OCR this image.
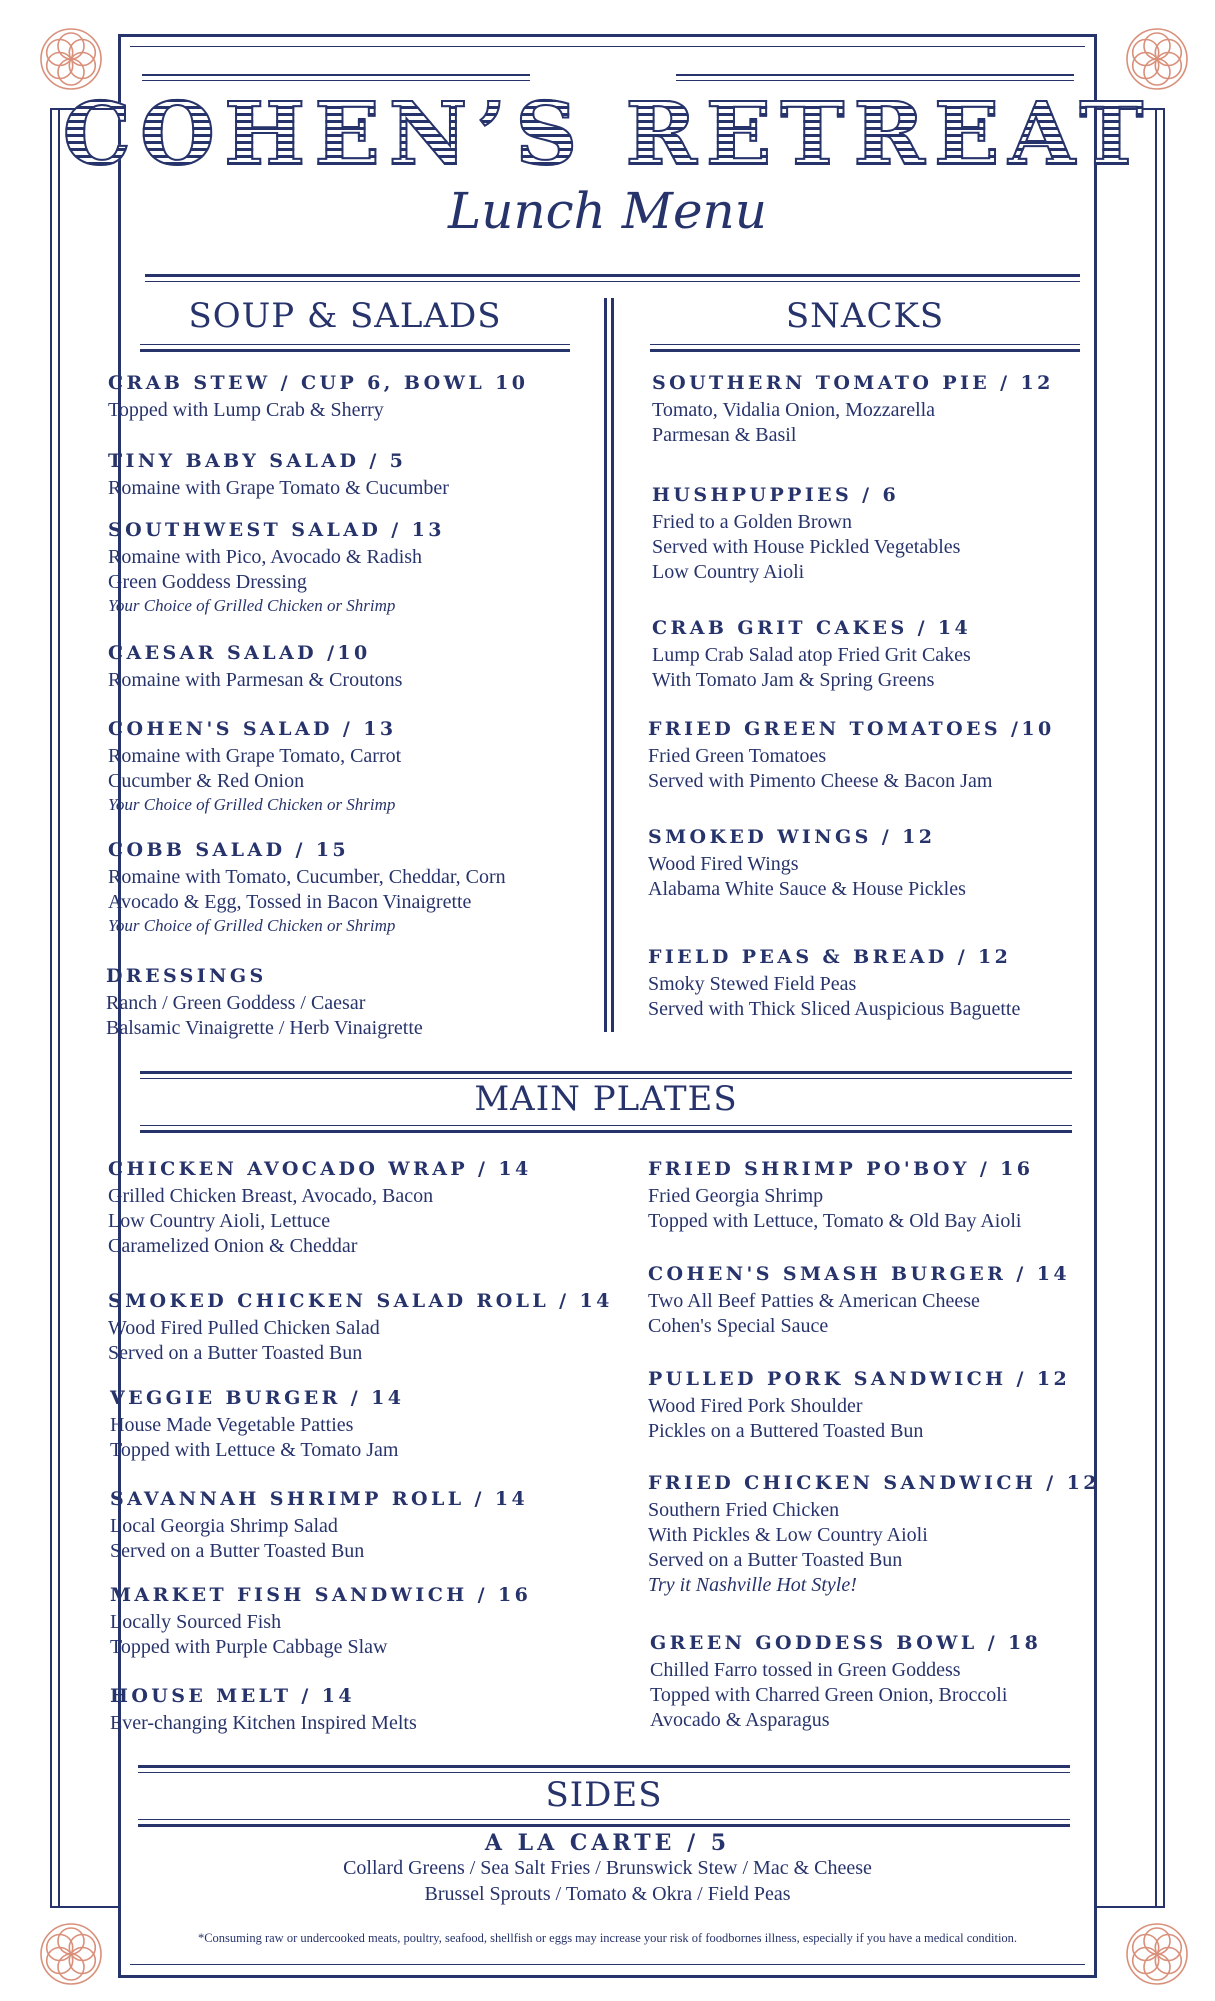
COHEN’S RETREAT
Lunch Menu
SOUP & SALADS
CRAB STEW / CUP 6, BOWL 10
Topped with Lump Crab & Sherry
TINY BABY SALAD / 5
Romaine with Grape Tomato & Cucumber
SOUTHWEST SALAD / 13
Romaine with Pico, Avocado & Radish
Green Goddess Dressing
Your Choice of Grilled Chicken or Shrimp
CAESAR SALAD /10
Romaine with Parmesan & Croutons
COHEN'S SALAD / 13
Romaine with Grape Tomato, Carrot
Cucumber & Red Onion
Your Choice of Grilled Chicken or Shrimp
COBB SALAD / 15
Romaine with Tomato, Cucumber, Cheddar, Corn
Avocado & Egg, Tossed in Bacon Vinaigrette
Your Choice of Grilled Chicken or Shrimp
DRESSINGS
Ranch / Green Goddess / Caesar
Balsamic Vinaigrette / Herb Vinaigrette
SNACKS
SOUTHERN TOMATO PIE / 12
Tomato, Vidalia Onion, Mozzarella
Parmesan & Basil
HUSHPUPPIES / 6
Fried to a Golden Brown
Served with House Pickled Vegetables
Low Country Aioli
CRAB GRIT CAKES / 14
Lump Crab Salad atop Fried Grit Cakes
With Tomato Jam & Spring Greens
FRIED GREEN TOMATOES /10
Fried Green Tomatoes
Served with Pimento Cheese & Bacon Jam
SMOKED WINGS / 12
Wood Fired Wings
Alabama White Sauce & House Pickles
FIELD PEAS & BREAD / 12
Smoky Stewed Field Peas
Served with Thick Sliced Auspicious Baguette
MAIN PLATES
CHICKEN AVOCADO WRAP / 14
Grilled Chicken Breast, Avocado, Bacon
Low Country Aioli, Lettuce
Caramelized Onion & Cheddar
SMOKED CHICKEN SALAD ROLL / 14
Wood Fired Pulled Chicken Salad
Served on a Butter Toasted Bun
VEGGIE BURGER / 14
House Made Vegetable Patties
Topped with Lettuce & Tomato Jam
SAVANNAH SHRIMP ROLL / 14
Local Georgia Shrimp Salad
Served on a Butter Toasted Bun
MARKET FISH SANDWICH / 16
Locally Sourced Fish
Topped with Purple Cabbage Slaw
HOUSE MELT / 14
Ever-changing Kitchen Inspired Melts
FRIED SHRIMP PO'BOY / 16
Fried Georgia Shrimp
Topped with Lettuce, Tomato & Old Bay Aioli
COHEN'S SMASH BURGER / 14
Two All Beef Patties & American Cheese
Cohen's Special Sauce
PULLED PORK SANDWICH / 12
Wood Fired Pork Shoulder
Pickles on a Buttered Toasted Bun
FRIED CHICKEN SANDWICH / 12
Southern Fried Chicken
With Pickles & Low Country Aioli
Served on a Butter Toasted Bun
Try it Nashville Hot Style!
GREEN GODDESS BOWL / 18
Chilled Farro tossed in Green Goddess
Topped with Charred Green Onion, Broccoli
Avocado & Asparagus
SIDES
A LA CARTE / 5
Collard Greens / Sea Salt Fries / Brunswick Stew / Mac & Cheese
Brussel Sprouts / Tomato & Okra / Field Peas
*Consuming raw or undercooked meats, poultry, seafood, shellfish or eggs may increase your risk of foodbornes illness, especially if you have a medical condition.
